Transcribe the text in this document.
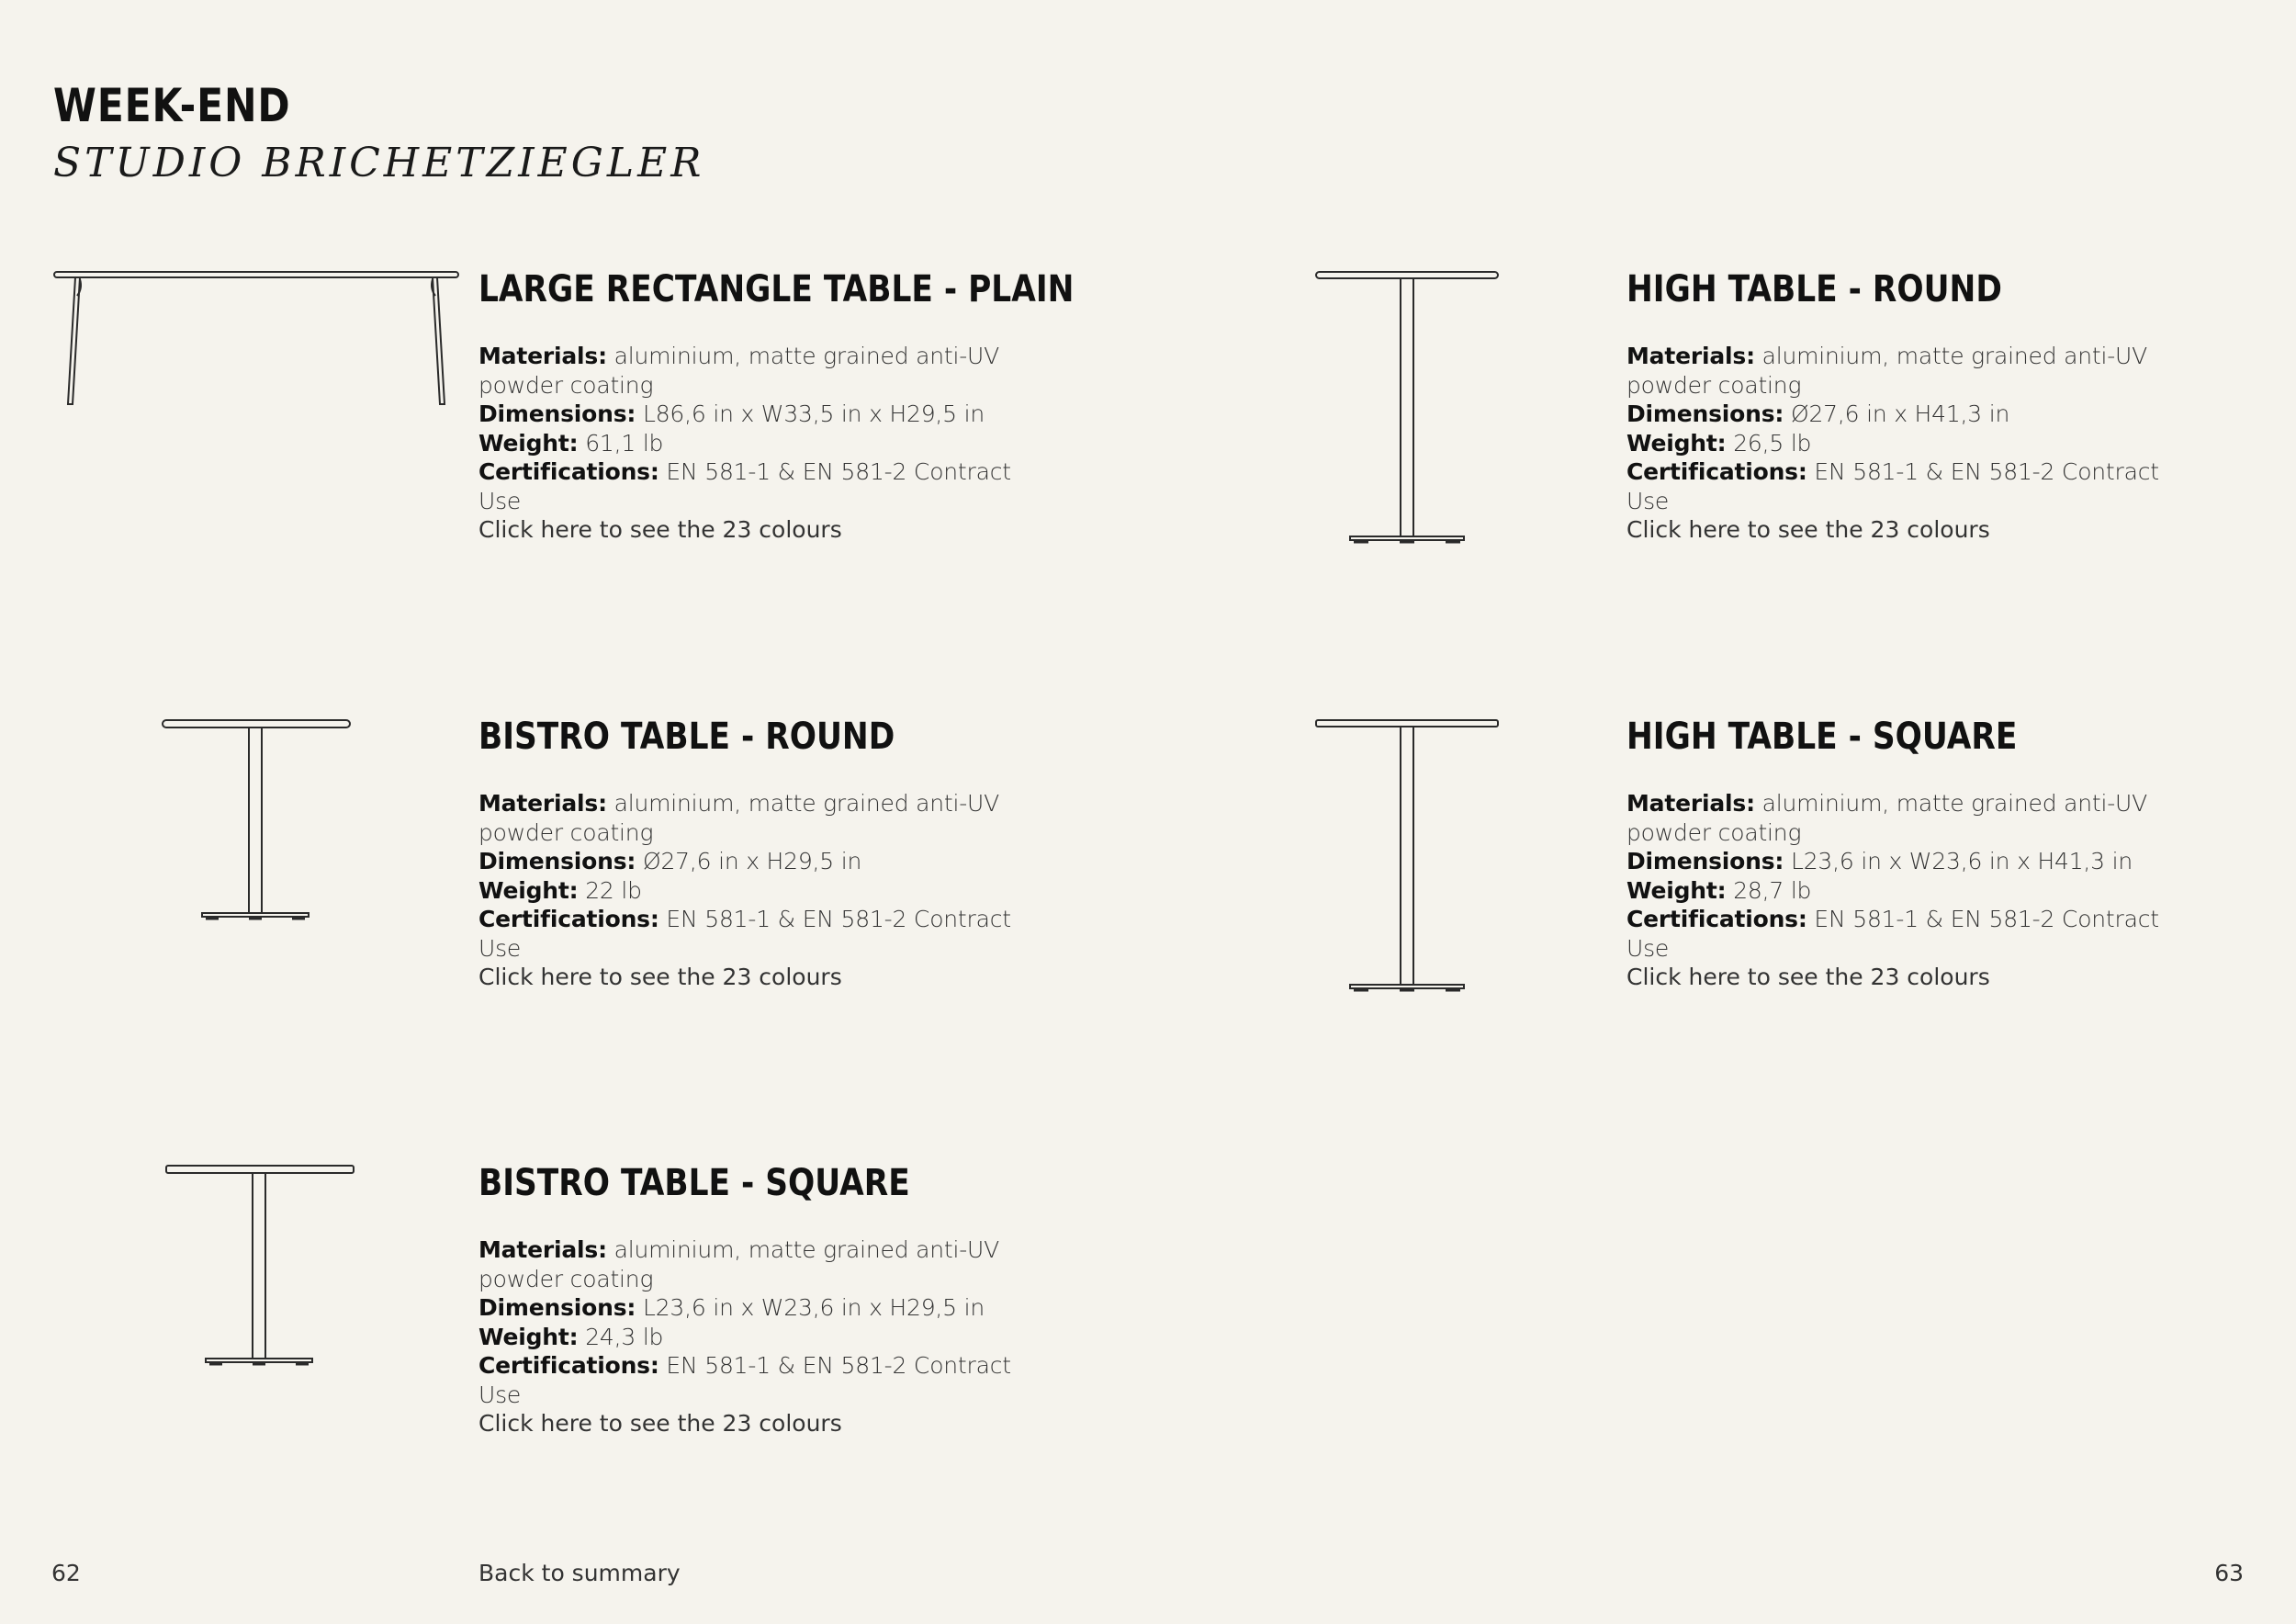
WEEK-END
STUDIO BRICHETZIEGLER
LARGE RECTANGLE TABLE - PLAIN
Materials: aluminium, matte grained anti-UV powder coating
Dimensions: L86,6 in x W33,5 in x H29,5 in
Weight: 61,1 lb
Certifications: EN 581-1 & EN 581-2 Contract Use
Click here to see the 23 colours
HIGH TABLE - ROUND
Materials: aluminium, matte grained anti-UV powder coating
Dimensions: Ø27,6 in x H41,3 in
Weight: 26,5 lb
Certifications: EN 581-1 & EN 581-2 Contract Use
Click here to see the 23 colours
BISTRO TABLE - ROUND
Materials: aluminium, matte grained anti-UV powder coating
Dimensions: Ø27,6 in x H29,5 in
Weight: 22 lb
Certifications: EN 581-1 & EN 581-2 Contract Use
Click here to see the 23 colours
HIGH TABLE - SQUARE
Materials: aluminium, matte grained anti-UV powder coating
Dimensions: L23,6 in x W23,6 in x H41,3 in
Weight: 28,7 lb
Certifications: EN 581-1 & EN 581-2 Contract Use
Click here to see the 23 colours
BISTRO TABLE - SQUARE
Materials: aluminium, matte grained anti-UV powder coating
Dimensions: L23,6 in x W23,6 in x H29,5 in
Weight: 24,3 lb
Certifications: EN 581-1 & EN 581-2 Contract Use
Click here to see the 23 colours
62	Back to summary	63
